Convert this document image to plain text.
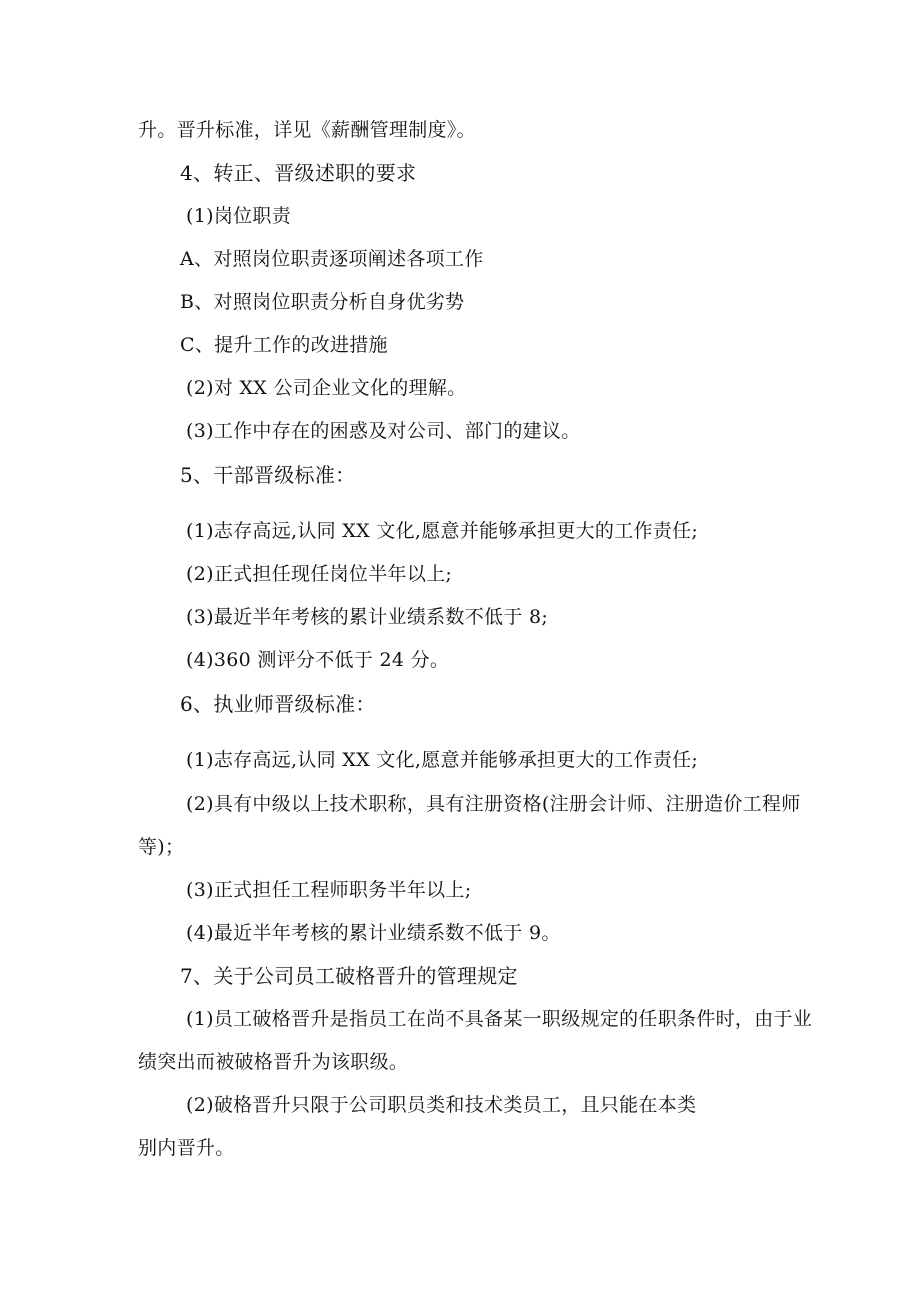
升。晋升标准，详见《薪酬管理制度》。
4、转正、晋级述职的要求
(1)岗位职责
A、对照岗位职责逐项阐述各项工作
B、对照岗位职责分析自身优劣势
C、提升工作的改进措施
(2)对 XX 公司企业文化的理解。
(3)工作中存在的困惑及对公司、部门的建议。
5、干部晋级标准：
(1)志存高远,认同 XX 文化,愿意并能够承担更大的工作责任;
(2)正式担任现任岗位半年以上;
(3)最近半年考核的累计业绩系数不低于 8;
(4)360 测评分不低于 24 分。
6、执业师晋级标准：
(1)志存高远,认同 XX 文化,愿意并能够承担更大的工作责任;
(2)具有中级以上技术职称，具有注册资格(注册会计师、注册造价工程师
等)；
(3)正式担任工程师职务半年以上;
(4)最近半年考核的累计业绩系数不低于 9。
7、关于公司员工破格晋升的管理规定
(1)员工破格晋升是指员工在尚不具备某一职级规定的任职条件时，由于业
绩突出而被破格晋升为该职级。
(2)破格晋升只限于公司职员类和技术类员工，且只能在本类
别内晋升。
